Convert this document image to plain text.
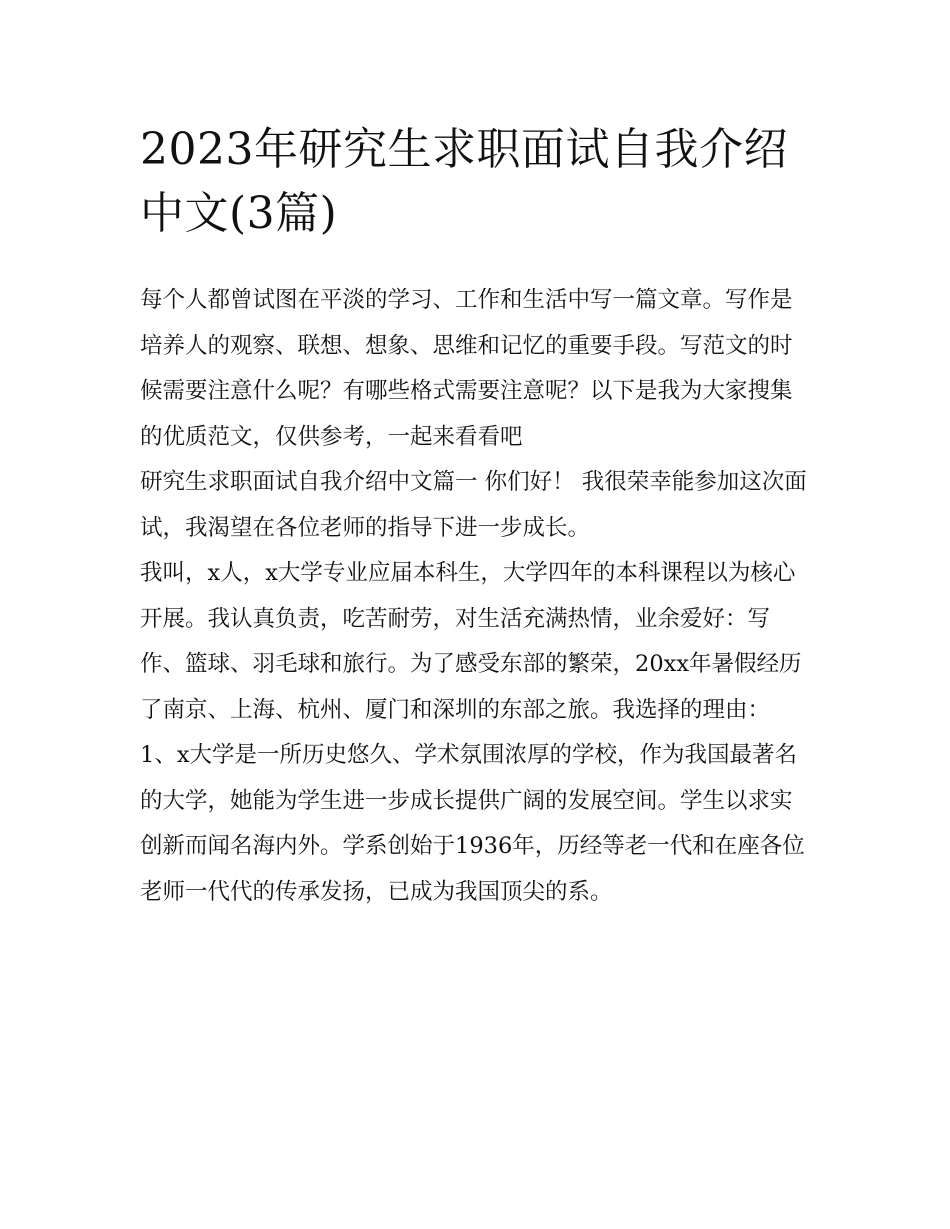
2023年研究生求职面试自我介绍中文(3篇)

每个人都曾试图在平淡的学习、工作和生活中写一篇文章。写作是培养人的观察、联想、想象、思维和记忆的重要手段。写范文的时候需要注意什么呢？有哪些格式需要注意呢？以下是我为大家搜集的优质范文，仅供参考，一起来看看吧

研究生求职面试自我介绍中文篇一 你们好！ 我很荣幸能参加这次面试，我渴望在各位老师的指导下进一步成长。

我叫，x人，x大学专业应届本科生，大学四年的本科课程以为核心开展。我认真负责，吃苦耐劳，对生活充满热情，业余爱好：写作、篮球、羽毛球和旅行。为了感受东部的繁荣，20xx年暑假经历了南京、上海、杭州、厦门和深圳的东部之旅。我选择的理由：

1、x大学是一所历史悠久、学术氛围浓厚的学校，作为我国最著名的大学，她能为学生进一步成长提供广阔的发展空间。学生以求实创新而闻名海内外。学系创始于1936年，历经等老一代和在座各位老师一代代的传承发扬，已成为我国顶尖的系。
